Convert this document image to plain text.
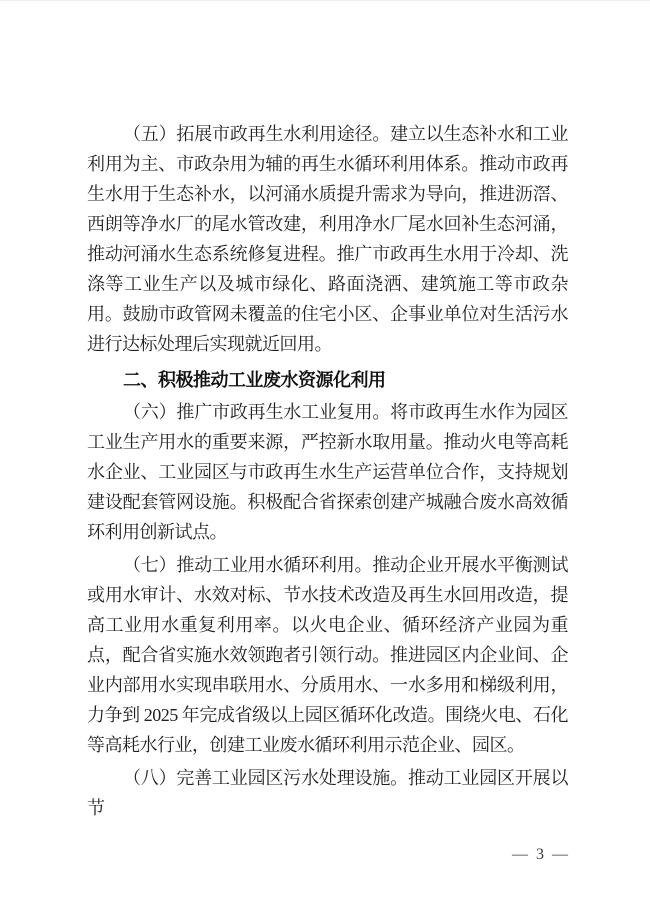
（五）拓展市政再生水利用途径。建立以生态补水和工业利用为主、市政杂用为辅的再生水循环利用体系。推动市政再生水用于生态补水，以河涌水质提升需求为导向，推进沥滘、西朗等净水厂的尾水管改建，利用净水厂尾水回补生态河涌，推动河涌水生态系统修复进程。推广市政再生水用于冷却、洗涤等工业生产以及城市绿化、路面浇洒、建筑施工等市政杂用。鼓励市政管网未覆盖的住宅小区、企事业单位对生活污水进行达标处理后实现就近回用。

二、积极推动工业废水资源化利用

（六）推广市政再生水工业复用。将市政再生水作为园区工业生产用水的重要来源，严控新水取用量。推动火电等高耗水企业、工业园区与市政再生水生产运营单位合作，支持规划建设配套管网设施。积极配合省探索创建产城融合废水高效循环利用创新试点。

（七）推动工业用水循环利用。推动企业开展水平衡测试或用水审计、水效对标、节水技术改造及再生水回用改造，提高工业用水重复利用率。以火电企业、循环经济产业园为重点，配合省实施水效领跑者引领行动。推进园区内企业间、企业内部用水实现串联用水、分质用水、一水多用和梯级利用，力争到 2025 年完成省级以上园区循环化改造。围绕火电、石化等高耗水行业，创建工业废水循环利用示范企业、园区。

（八）完善工业园区污水处理设施。推动工业园区开展以节

— 3 —
